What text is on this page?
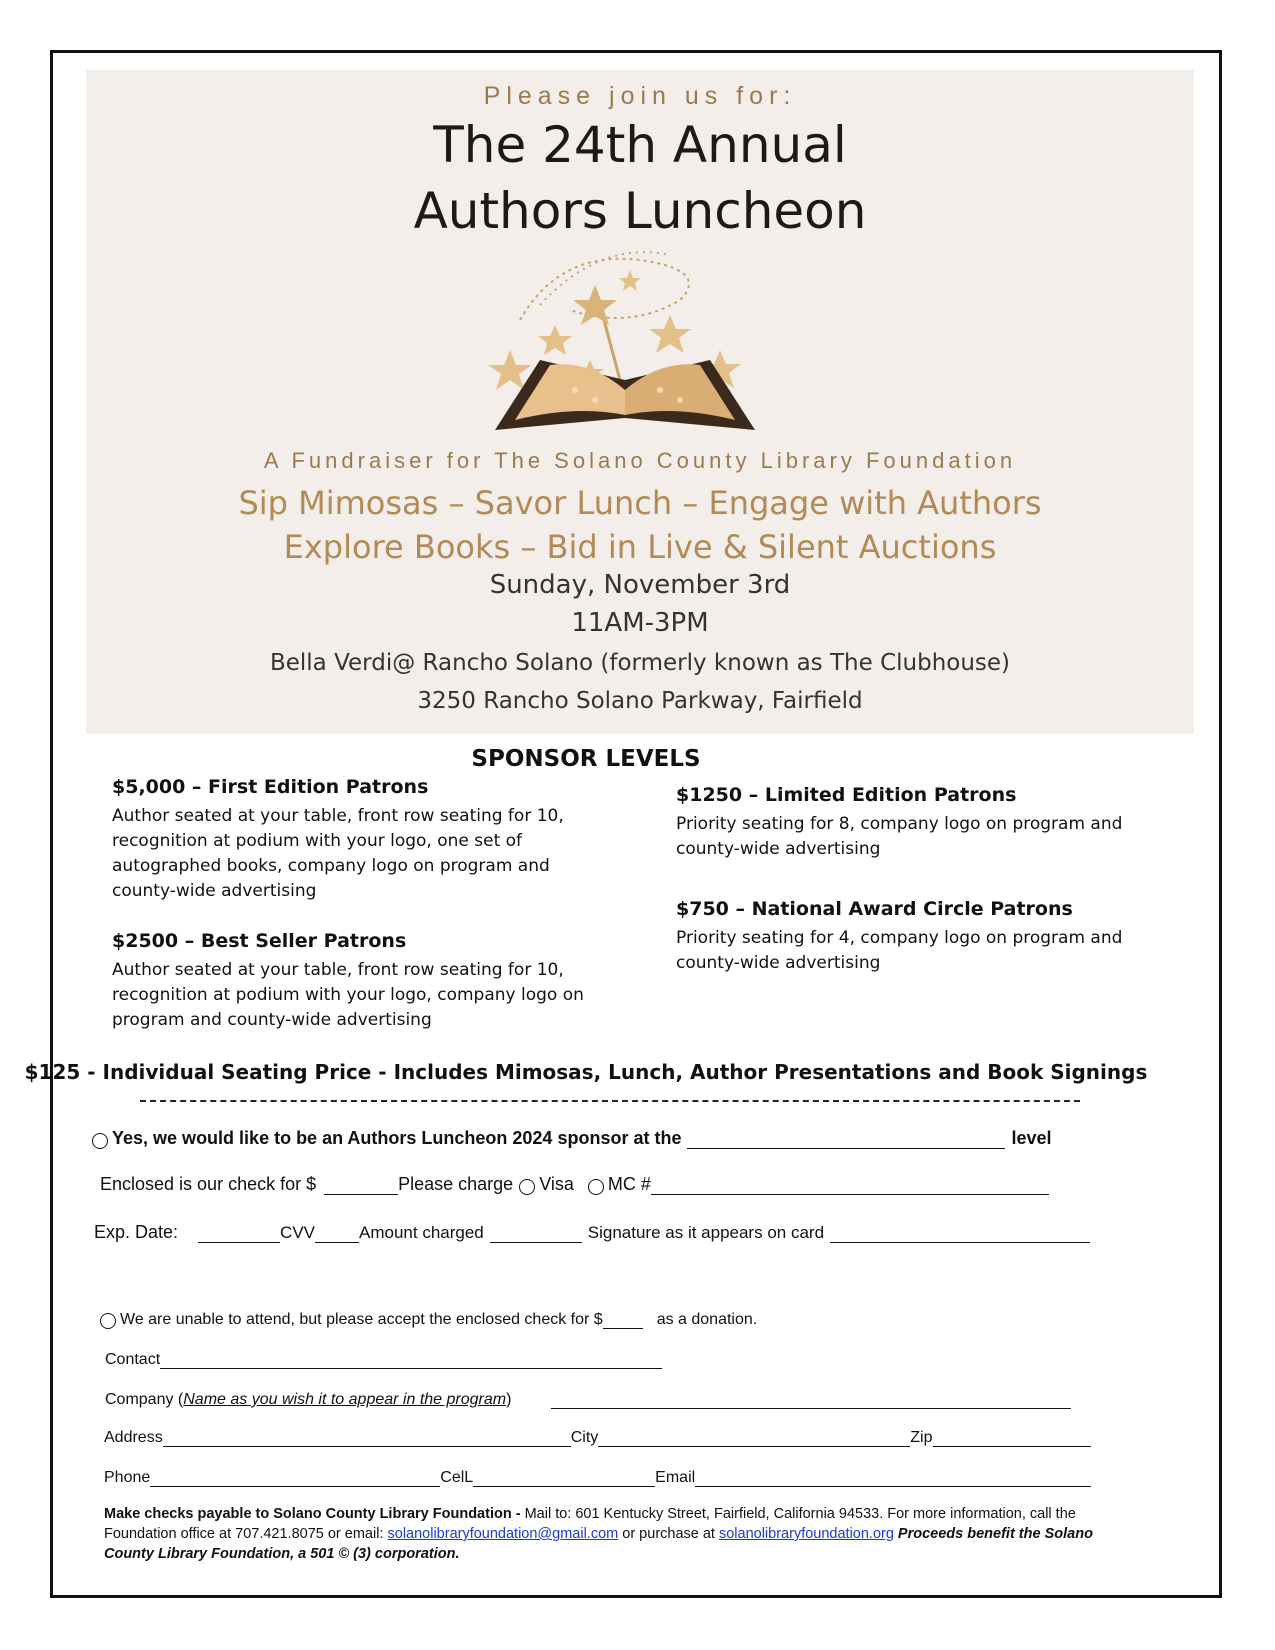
Please join us for:
The 24th Annual
Authors Luncheon
A Fundraiser for The Solano County Library Foundation
Sip Mimosas – Savor Lunch – Engage with Authors
Explore Books – Bid in Live & Silent Auctions
Sunday, November 3rd
11AM-3PM
Bella Verdi@ Rancho Solano (formerly known as The Clubhouse)
3250 Rancho Solano Parkway, Fairfield
SPONSOR LEVELS
$5,000 – First Edition Patrons

Author seated at your table, front row seating for 10, recognition at podium with your logo, one set of autographed books, company logo on program and county-wide advertising

$2500 – Best Seller Patrons

Author seated at your table, front row seating for 10, recognition at podium with your logo, company logo on program and county-wide advertising

$1250 – Limited Edition Patrons

Priority seating for 8, company logo on program and county-wide advertising

$750 – National Award Circle Patrons

Priority seating for 4, company logo on program and county-wide advertising

$125 - Individual Seating Price - Includes Mimosas, Lunch, Author Presentations and Book Signings
Yes , we would like to be an Authors Luncheon 2024 sponsor at the	level
Enclosed is our check for $	Please charge Visa MC #
Exp. Date:	CVV	Amount charged	Signature as it appears on card
We are unable to attend, but please accept the enclosed check for $	as a donation.
Contact
Company ( Name as you wish it to appear in the program )
Address	City	Zip
Phone	CelL	Email
Make checks payable to Solano County Library Foundation - Mail to: 601 Kentucky Street, Fairfield, California 94533. For more information, call the Foundation office at 707.421.8075 or email: solanolibraryfoundation@gmail.com or purchase at solanolibraryfoundation.org Proceeds benefit the Solano County Library Foundation, a 501 © (3) corporation.
